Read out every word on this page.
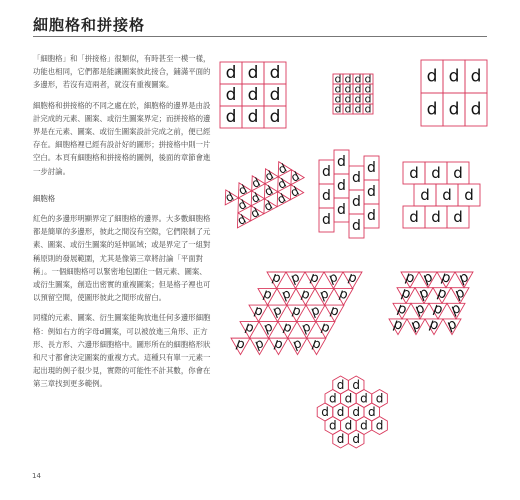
細胞格和拼接格

「細胞格」和「拼接格」很類似，有時甚至一模一樣，功能也相同，它們都是能讓圖案彼此接合，鋪滿平面的多邊形，若沒有這兩者，就沒有重複圖案。

細胞格和拼接格的不同之處在於，細胞格的邊界是由設計完成的元素、圖案、或衍生圖案界定；而拼接格的邊界是在元素、圖案、或衍生圖案設計完成之前，便已經存在。細胞格裡已經有設計好的圖形；拼接格中則一片空白。本頁有細胞格和拼接格的圖例，後面的章節會進一步討論。

細胞格

紅色的多邊形明顯界定了細胞格的邊界。大多數細胞格都是簡單的多邊形，彼此之間沒有空隙，它們限制了元素、圖案、或衍生圖案的延伸區域；或是界定了一組對稱原則的發展範圍，尤其是像第三章將討論「平面對稱」。一個細胞格可以緊密地包圍住一個元素、圖案、或衍生圖案，創造出密實的重複圖案；但是格子裡也可以預留空間，使圖形彼此之間形成留白。

同樣的元素、圖案、衍生圖案能夠放進任何多邊形細胞格：例如右方的字母d圖案，可以被放進三角形、正方形、長方形、六邊形細胞格中。圖形所在的細胞格形狀和尺寸都會決定圖案的重複方式。這種只有單一元素一起出現的例子很少見，實際的可能性不計其數，你會在第三章找到更多範例。

d d d
d d d
d d d
d d d d
d d d d
d d d d
d d d d
d d d
d d d
d d d d d
d d d d d
d d d d d
d
d
d
d
d
d
d
d
d
d
d
d
d d d
d d d
d d d
p p p p p
p p p p p
p p p p p
p p p p p
p p p p p
p p p p
p p p p
p p p p
p p p p
d d
d d d d
d d d d
d d d d
d d
14
